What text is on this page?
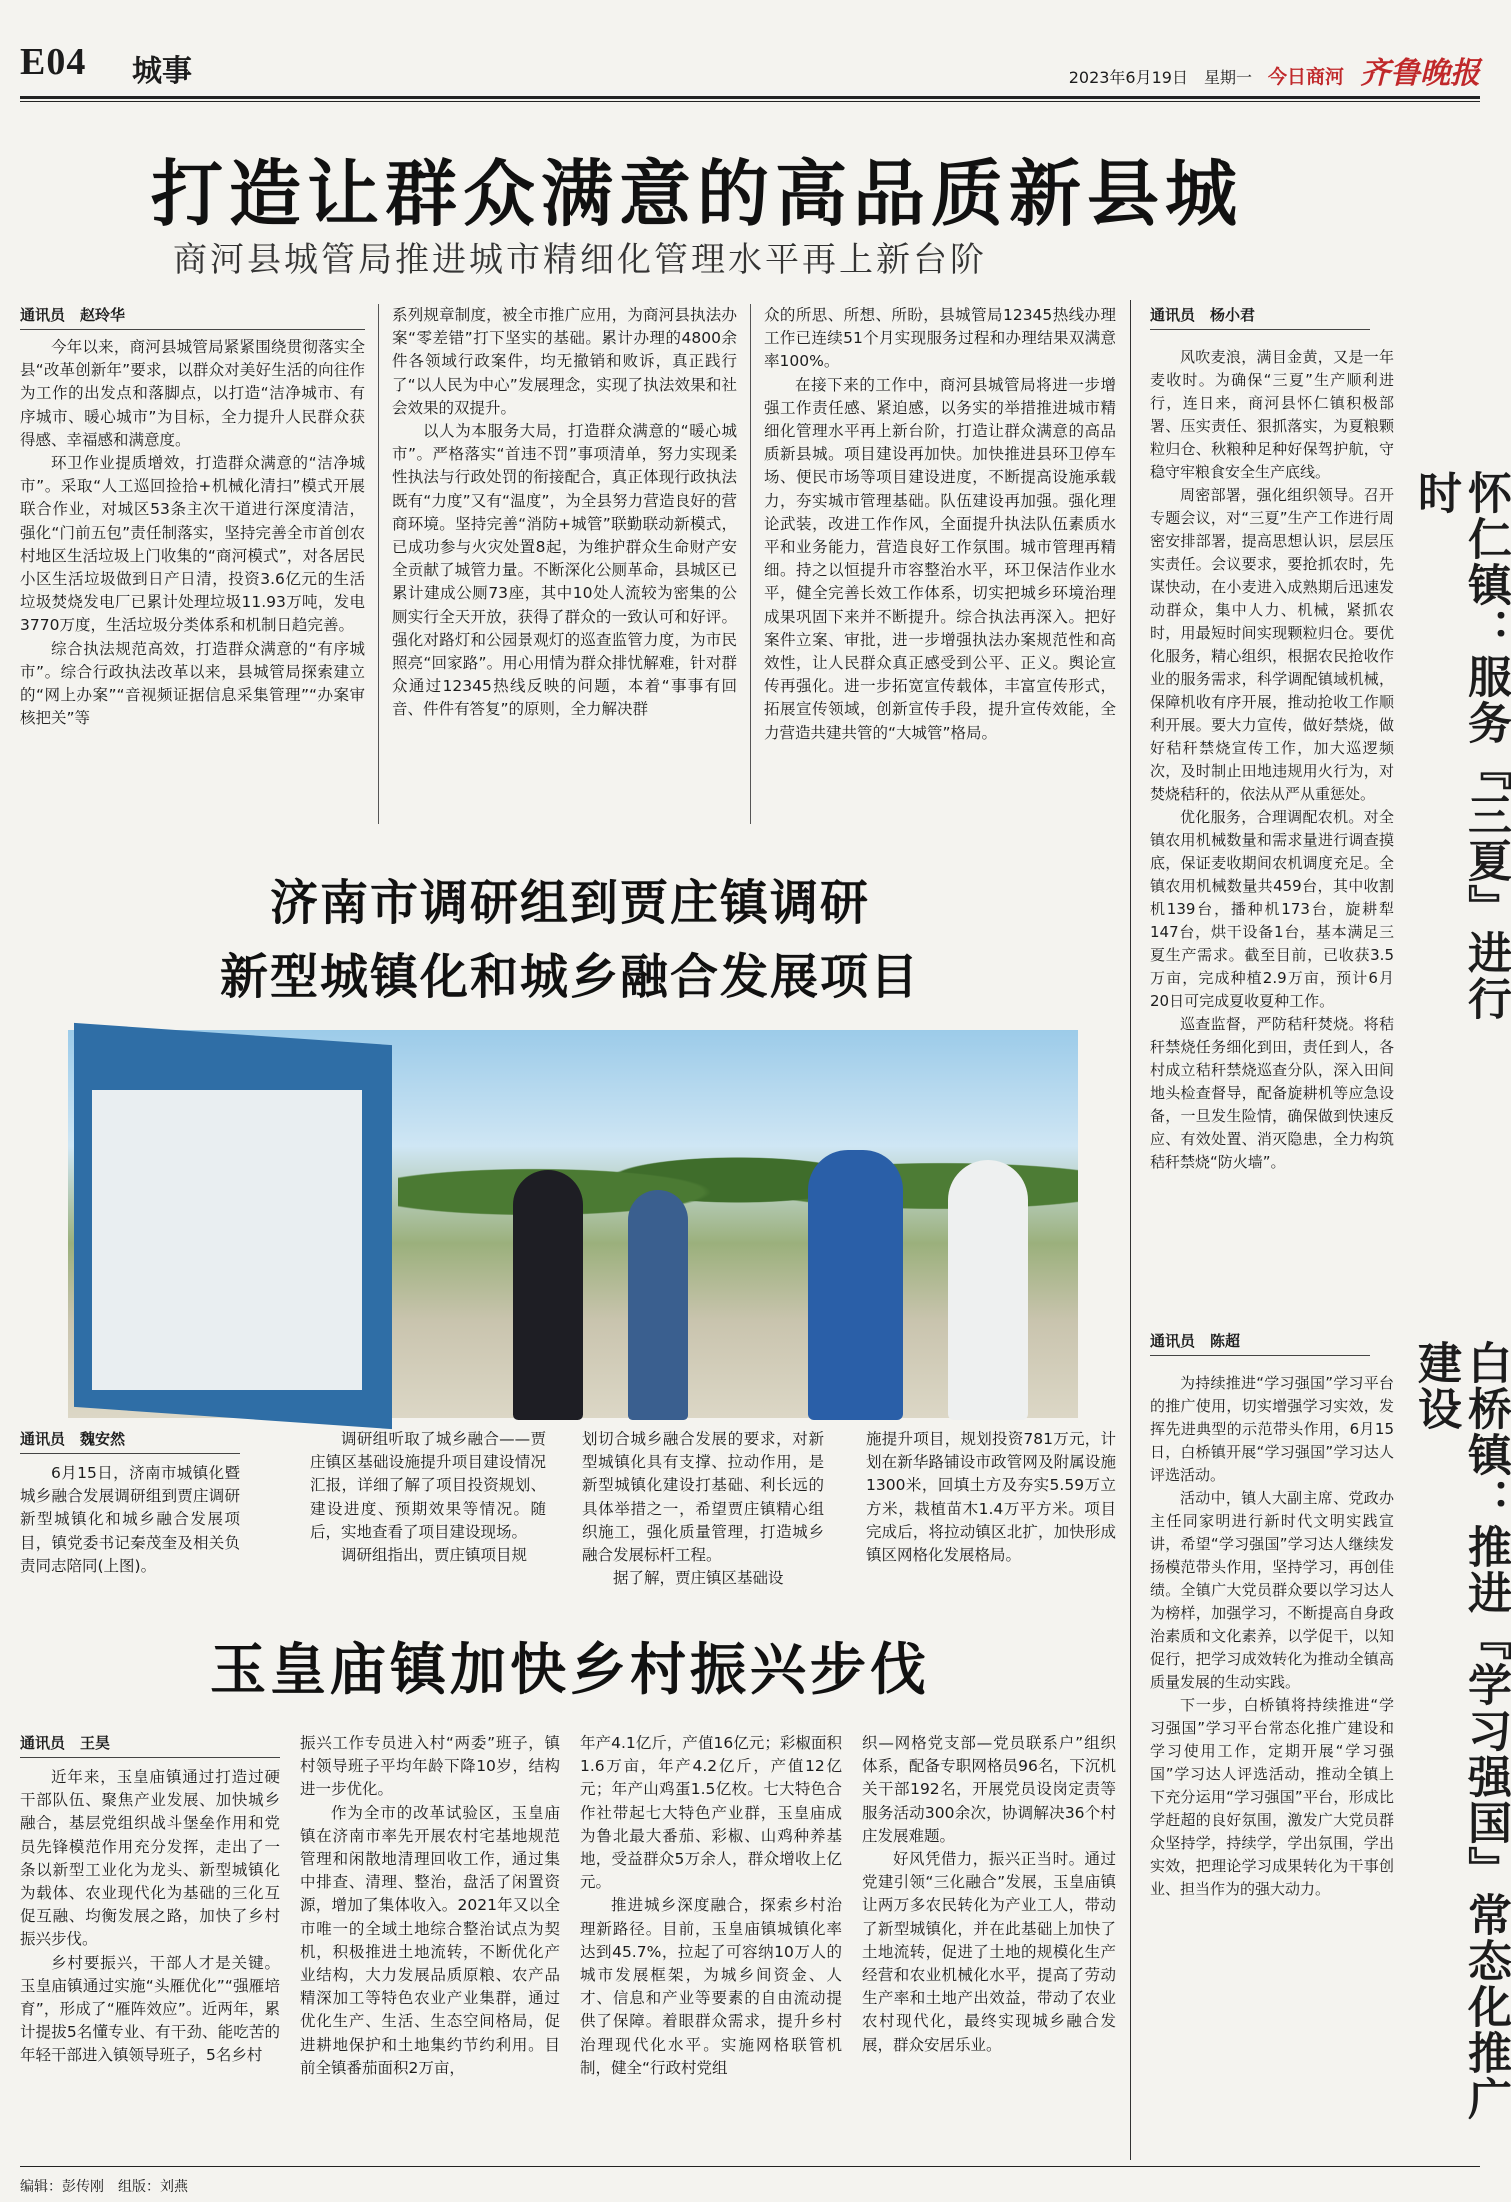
E04 城事	2023年6月19日 星期一 今日商河 齐鲁晚报
打造让群众满意的高品质新县城
商河县城管局推进城市精细化管理水平再上新台阶
通讯员　赵玲华

今年以来，商河县城管局紧紧围绕贯彻落实全县“改革创新年”要求，以群众对美好生活的向往作为工作的出发点和落脚点，以打造“洁净城市、有序城市、暖心城市”为目标，全力提升人民群众获得感、幸福感和满意度。

环卫作业提质增效，打造群众满意的“洁净城市”。采取“人工巡回捡拾+机械化清扫”模式开展联合作业，对城区53条主次干道进行深度清洁，强化“门前五包”责任制落实，坚持完善全市首创农村地区生活垃圾上门收集的“商河模式”，对各居民小区生活垃圾做到日产日清，投资3.6亿元的生活垃圾焚烧发电厂已累计处理垃圾11.93万吨，发电3770万度，生活垃圾分类体系和机制日趋完善。

综合执法规范高效，打造群众满意的“有序城市”。综合行政执法改革以来，县城管局探索建立的“网上办案”“音视频证据信息采集管理”“办案审核把关”等

系列规章制度，被全市推广应用，为商河县执法办案“零差错”打下坚实的基础。累计办理的4800余件各领域行政案件，均无撤销和败诉，真正践行了“以人民为中心”发展理念，实现了执法效果和社会效果的双提升。

以人为本服务大局，打造群众满意的“暖心城市”。严格落实“首违不罚”事项清单，努力实现柔性执法与行政处罚的衔接配合，真正体现行政执法既有“力度”又有“温度”，为全县努力营造良好的营商环境。坚持完善“消防+城管”联勤联动新模式，已成功参与火灾处置8起，为维护群众生命财产安全贡献了城管力量。不断深化公厕革命，县城区已累计建成公厕73座，其中10处人流较为密集的公厕实行全天开放，获得了群众的一致认可和好评。强化对路灯和公园景观灯的巡查监管力度，为市民照亮“回家路”。用心用情为群众排忧解难，针对群众通过12345热线反映的问题，本着“事事有回音、件件有答复”的原则，全力解决群

众的所思、所想、所盼，县城管局12345热线办理工作已连续51个月实现服务过程和办理结果双满意率100%。

在接下来的工作中，商河县城管局将进一步增强工作责任感、紧迫感，以务实的举措推进城市精细化管理水平再上新台阶，打造让群众满意的高品质新县城。项目建设再加快。加快推进县环卫停车场、便民市场等项目建设进度，不断提高设施承载力，夯实城市管理基础。队伍建设再加强。强化理论武装，改进工作作风，全面提升执法队伍素质水平和业务能力，营造良好工作氛围。城市管理再精细。持之以恒提升市容整治水平，环卫保洁作业水平，健全完善长效工作体系，切实把城乡环境治理成果巩固下来并不断提升。综合执法再深入。把好案件立案、审批，进一步增强执法办案规范性和高效性，让人民群众真正感受到公平、正义。舆论宣传再强化。进一步拓宽宣传载体，丰富宣传形式，拓展宣传领域，创新宣传手段，提升宣传效能，全力营造共建共管的“大城管”格局。

济南市调研组到贾庄镇调研
新型城镇化和城乡融合发展项目
通讯员　魏安然

6月15日，济南市城镇化暨城乡融合发展调研组到贾庄调研新型城镇化和城乡融合发展项目，镇党委书记秦茂奎及相关负责同志陪同(上图)。

调研组听取了城乡融合——贾庄镇区基础设施提升项目建设情况汇报，详细了解了项目投资规划、建设进度、预期效果等情况。随后，实地查看了项目建设现场。

调研组指出，贾庄镇项目规

划切合城乡融合发展的要求，对新型城镇化具有支撑、拉动作用，是新型城镇化建设打基础、利长远的具体举措之一，希望贾庄镇精心组织施工，强化质量管理，打造城乡融合发展标杆工程。

据了解，贾庄镇区基础设

施提升项目，规划投资781万元，计划在新华路铺设市政管网及附属设施1300米，回填土方及夯实5.59万立方米，栽植苗木1.4万平方米。项目完成后，将拉动镇区北扩，加快形成镇区网格化发展格局。

玉皇庙镇加快乡村振兴步伐
通讯员　王昊

近年来，玉皇庙镇通过打造过硬干部队伍、聚焦产业发展、加快城乡融合，基层党组织战斗堡垒作用和党员先锋模范作用充分发挥，走出了一条以新型工业化为龙头、新型城镇化为载体、农业现代化为基础的三化互促互融、均衡发展之路，加快了乡村振兴步伐。

乡村要振兴，干部人才是关键。玉皇庙镇通过实施“头雁优化”“强雁培育”，形成了“雁阵效应”。近两年，累计提拔5名懂专业、有干劲、能吃苦的年轻干部进入镇领导班子，5名乡村

振兴工作专员进入村“两委”班子，镇村领导班子平均年龄下降10岁，结构进一步优化。

作为全市的改革试验区，玉皇庙镇在济南市率先开展农村宅基地规范管理和闲散地清理回收工作，通过集中排查、清理、整治，盘活了闲置资源，增加了集体收入。2021年又以全市唯一的全域土地综合整治试点为契机，积极推进土地流转，不断优化产业结构，大力发展品质原粮、农产品精深加工等特色农业产业集群，通过优化生产、生活、生态空间格局，促进耕地保护和土地集约节约利用。目前全镇番茄面积2万亩，

年产4.1亿斤，产值16亿元；彩椒面积1.6万亩，年产4.2亿斤，产值12亿元；年产山鸡蛋1.5亿枚。七大特色合作社带起七大特色产业群，玉皇庙成为鲁北最大番茄、彩椒、山鸡种养基地，受益群众5万余人，群众增收上亿元。

推进城乡深度融合，探索乡村治理新路径。目前，玉皇庙镇城镇化率达到45.7%，拉起了可容纳10万人的城市发展框架，为城乡间资金、人才、信息和产业等要素的自由流动提供了保障。着眼群众需求，提升乡村治理现代化水平。实施网格联管机制，健全“行政村党组

织—网格党支部—党员联系户”组织体系，配备专职网格员96名，下沉机关干部192名，开展党员设岗定责等服务活动300余次，协调解决36个村庄发展难题。

好风凭借力，振兴正当时。通过党建引领“三化融合”发展，玉皇庙镇让两万多农民转化为产业工人，带动了新型城镇化，并在此基础上加快了土地流转，促进了土地的规模化生产经营和农业机械化水平，提高了劳动生产率和土地产出效益，带动了农业农村现代化，最终实现城乡融合发展，群众安居乐业。

通讯员　杨小君

风吹麦浪，满目金黄，又是一年麦收时。为确保“三夏”生产顺利进行，连日来，商河县怀仁镇积极部署、压实责任、狠抓落实，为夏粮颗粒归仓、秋粮种足种好保驾护航，守稳守牢粮食安全生产底线。

周密部署，强化组织领导。召开专题会议，对“三夏”生产工作进行周密安排部署，提高思想认识，层层压实责任。会议要求，要抢抓农时，先谋快动，在小麦进入成熟期后迅速发动群众，集中人力、机械，紧抓农时，用最短时间实现颗粒归仓。要优化服务，精心组织，根据农民抢收作业的服务需求，科学调配镇域机械，保障机收有序开展，推动抢收工作顺利开展。要大力宣传，做好禁烧，做好秸秆禁烧宣传工作，加大巡逻频次，及时制止田地违规用火行为，对焚烧秸秆的，依法从严从重惩处。

优化服务，合理调配农机。对全镇农用机械数量和需求量进行调查摸底，保证麦收期间农机调度充足。全镇农用机械数量共459台，其中收割机139台，播种机173台，旋耕犁147台，烘干设备1台，基本满足三夏生产需求。截至目前，已收获3.5万亩，完成种植2.9万亩，预计6月20日可完成夏收夏种工作。

巡查监督，严防秸秆焚烧。将秸秆禁烧任务细化到田，责任到人，各村成立秸秆禁烧巡查分队，深入田间地头检查督导，配备旋耕机等应急设备，一旦发生险情，确保做到快速反应、有效处置、消灭隐患，全力构筑秸秆禁烧“防火墙”。

怀仁镇：服务『三夏』进行时
通讯员　陈超

为持续推进“学习强国”学习平台的推广使用，切实增强学习实效，发挥先进典型的示范带头作用，6月15日，白桥镇开展“学习强国”学习达人评选活动。

活动中，镇人大副主席、党政办主任同家明进行新时代文明实践宣讲，希望“学习强国”学习达人继续发扬模范带头作用，坚持学习，再创佳绩。全镇广大党员群众要以学习达人为榜样，加强学习，不断提高自身政治素质和文化素养，以学促干，以知促行，把学习成效转化为推动全镇高质量发展的生动实践。

下一步，白桥镇将持续推进“学习强国”学习平台常态化推广建设和学习使用工作，定期开展“学习强国”学习达人评选活动，推动全镇上下充分运用“学习强国”平台，形成比学赶超的良好氛围，激发广大党员群众坚持学，持续学，学出氛围，学出实效，把理论学习成果转化为干事创业、担当作为的强大动力。	白桥镇：推进『学习强国』常态化推广建设
编辑：彭传刚　组版：刘燕
